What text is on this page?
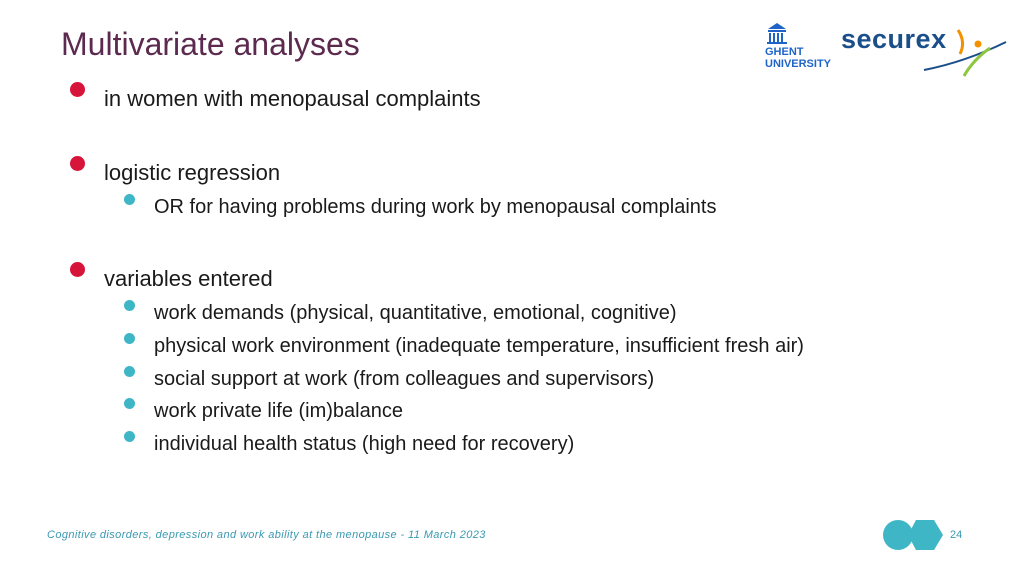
Multivariate analyses	GHENT
UNIVERSITY
securex
in women with menopausal complaints
logistic regression
OR for having problems during work by menopausal complaints
variables entered
work demands (physical, quantitative, emotional, cognitive)
physical work environment (inadequate temperature, insufficient fresh air)
social support at work (from colleagues and supervisors)
work private life (im)balance
individual health status (high need for recovery)
Cognitive disorders, depression and work ability at the menopause - 11 March 2023	24
